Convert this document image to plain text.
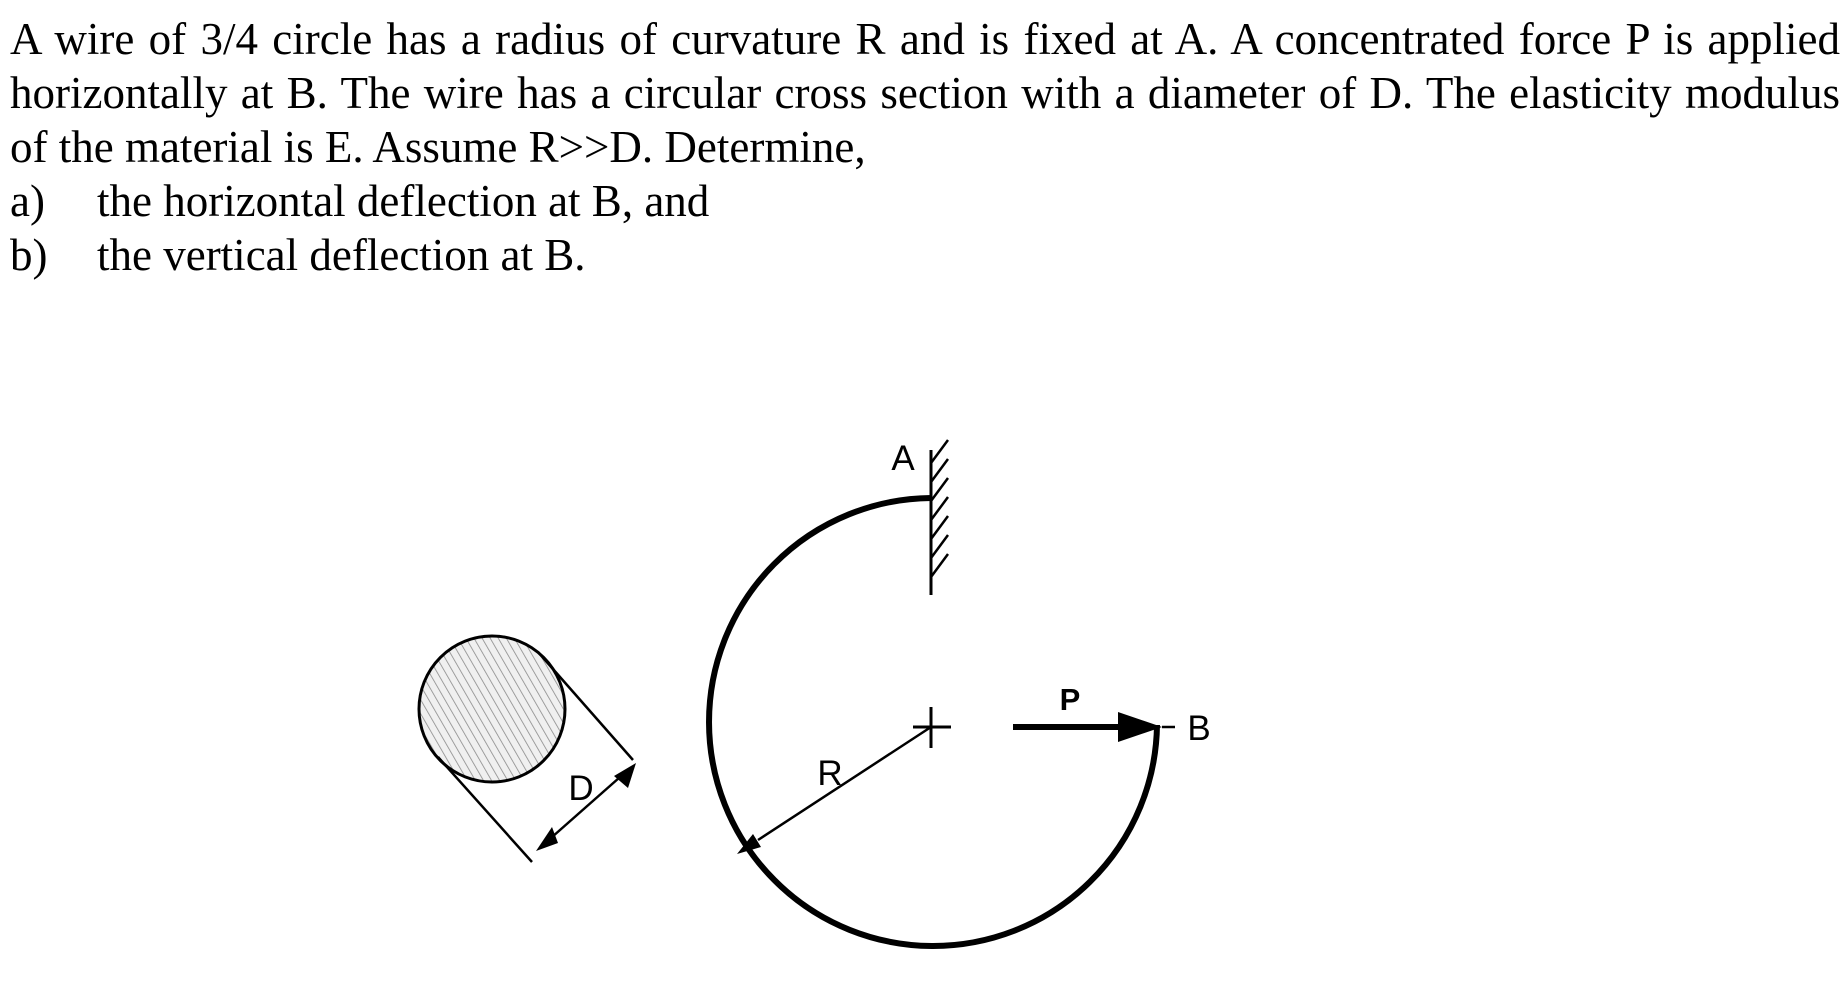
A wire of 3/4 circle has a radius of curvature R and is fixed at A. A concentrated force P is applied horizontally at B. The wire has a circular cross section with a diameter of D. The elasticity modulus of the material is E. Assume R>>D. Determine,

a)	the horizontal deflection at B, and
b)	the vertical deflection at B.
A
B
P
R
D
